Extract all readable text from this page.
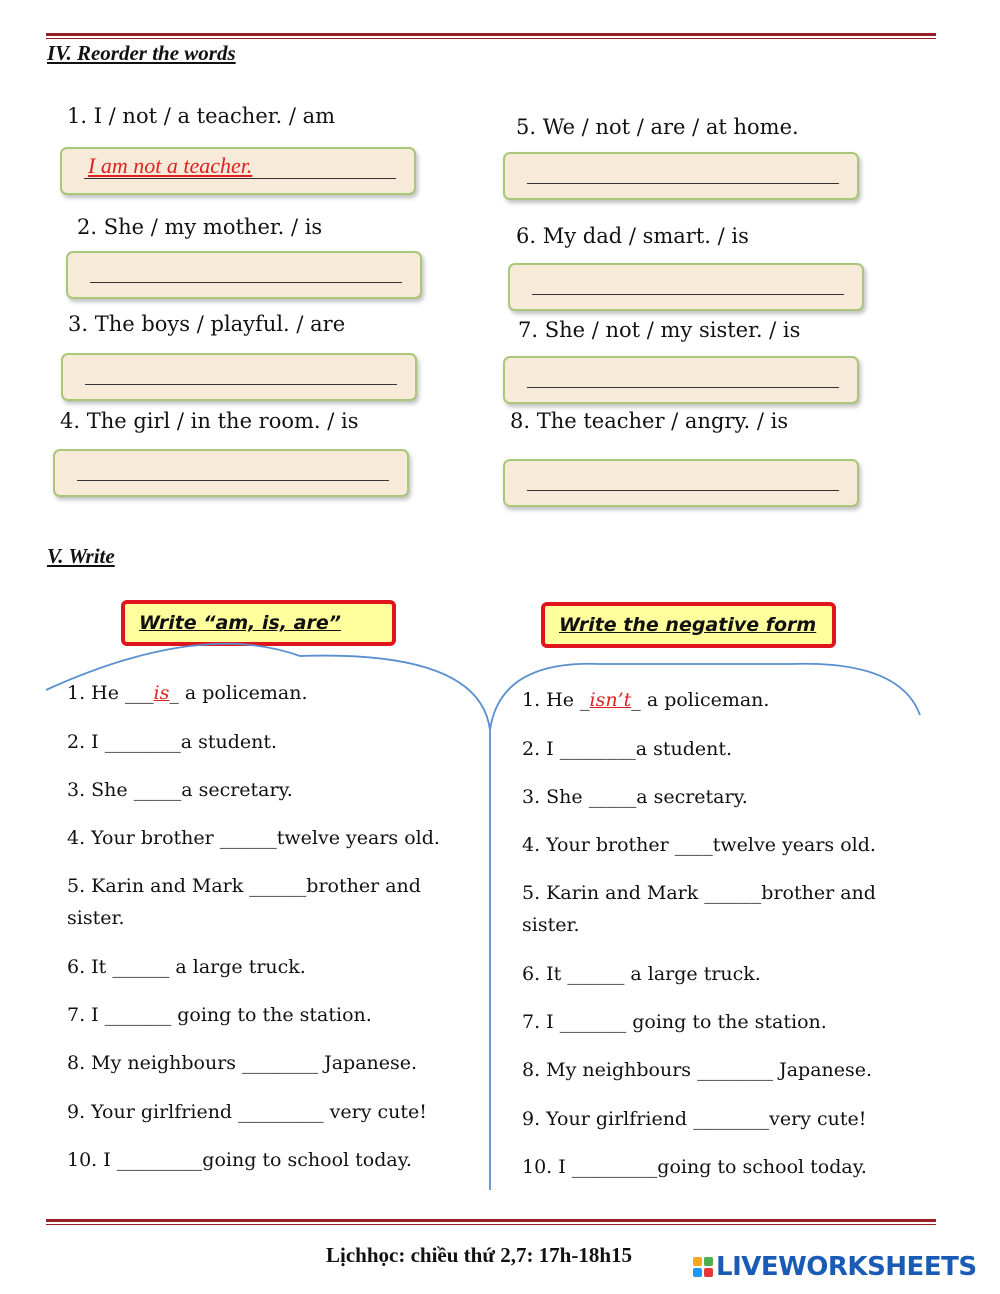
IV. Reorder the words
1. I / not / a teacher. / am
I am not a teacher.
2. She / my mother. / is
3. The boys / playful. / are
4. The girl / in the room. / is
5. We / not / are / at home.
6. My dad / smart. / is
7. She / not / my sister. / is
8. The teacher / angry. / is
V. Write
Write “am, is, are”	Write the negative form
1. He ___is_ a policeman.
2. I ________a student.
3. She _____a secretary.
4. Your brother ______twelve years old.
5. Karin and Mark ______brother and sister.
6. It ______ a large truck.
7. I _______ going to the station.
8. My neighbours ________ Japanese.
9. Your girlfriend _________ very cute!
10. I _________going to school today.
1. He _isn’t_ a policeman.
2. I ________a student.
3. She _____a secretary.
4. Your brother ____twelve years old.
5. Karin and Mark ______brother and sister.
6. It ______ a large truck.
7. I _______ going to the station.
8. My neighbours ________ Japanese.
9. Your girlfriend ________very cute!
10. I _________going to school today.
Lịchhọc: chiều thứ 2,7: 17h-18h15	LIVEWORKSHEETS
